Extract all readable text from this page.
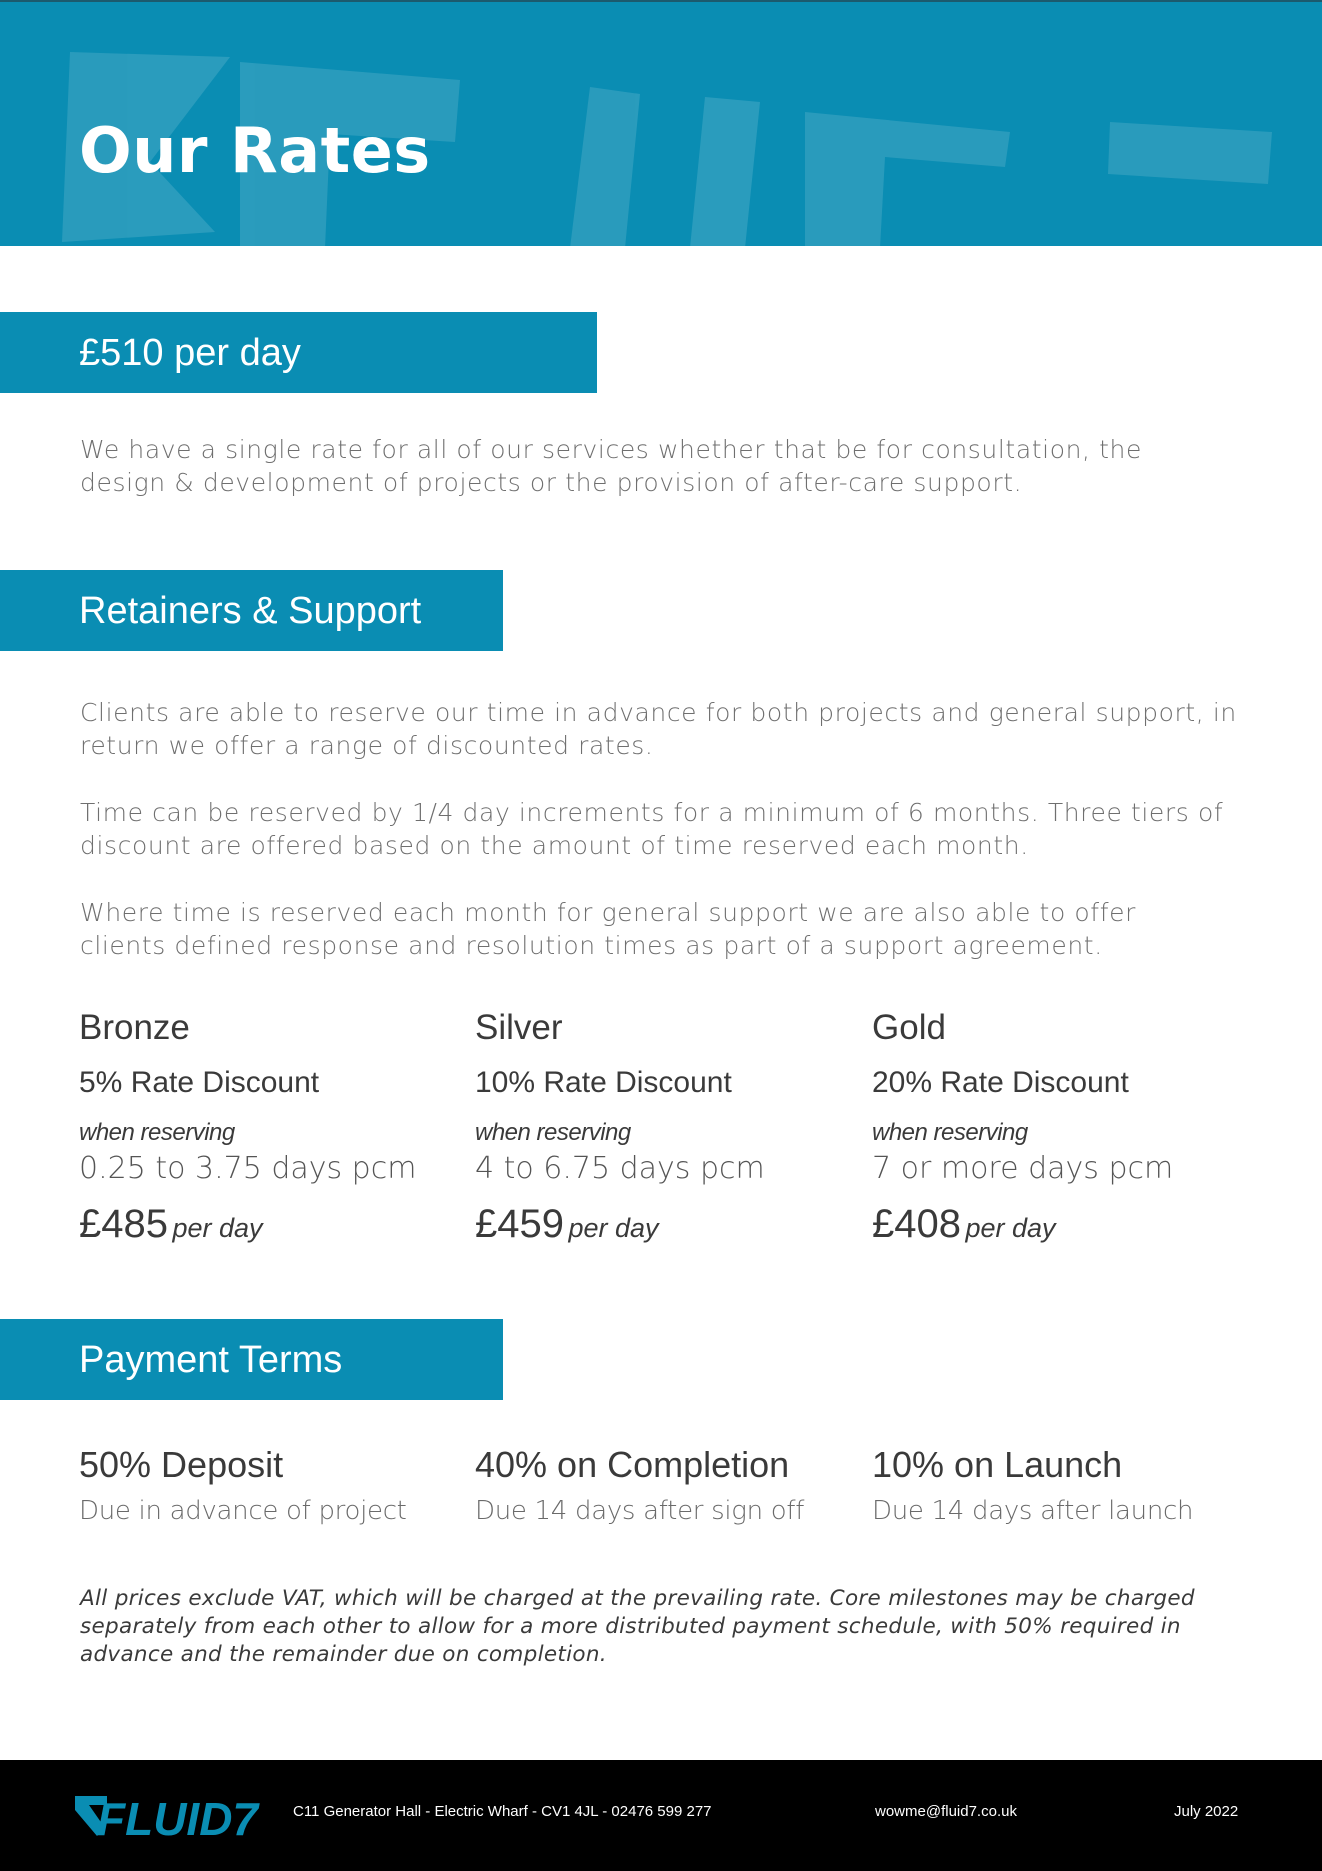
Our Rates
£510 per day
We have a single rate for all of our services whether that be for consultation, the design & development of projects or the provision of after-care support.
Retainers & Support
Clients are able to reserve our time in advance for both projects and general support, in return we offer a range of discounted rates.
Time can be reserved by 1/4 day increments for a minimum of 6 months. Three tiers of discount are offered based on the amount of time reserved each month.
Where time is reserved each month for general support we are also able to offer clients defined response and resolution times as part of a support agreement.
Bronze
5% Rate Discount
when reserving
0.25 to 3.75 days pcm
£485 per day
Silver
10% Rate Discount
when reserving
4 to 6.75 days pcm
£459 per day
Gold
20% Rate Discount
when reserving
7 or more days pcm
£408 per day
Payment Terms
50% Deposit
Due in advance of project
40% on Completion
Due 14 days after sign off
10% on Launch
Due 14 days after launch
All prices exclude VAT, which will be charged at the prevailing rate. Core milestones may be charged separately from each other to allow for a more distributed payment schedule, with 50% required in advance and the remainder due on completion.
FLUID7 C11 Generator Hall - Electric Wharf - CV1 4JL - 02476 599 277	wowme@fluid7.co.uk	July 2022
